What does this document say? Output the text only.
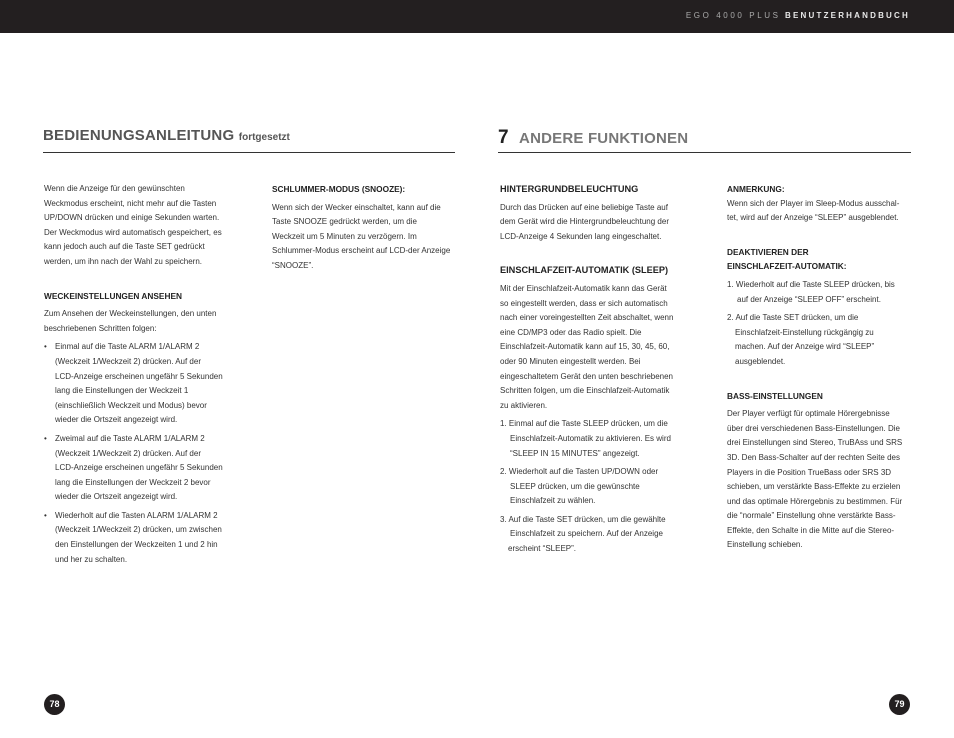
EGO 4000 PLUS BENUTZERHANDBUCH
BEDIENUNGSANLEITUNG fortgesetzt

Wenn die Anzeige für den gewünschten

Weckmodus erscheint, nicht mehr auf die Tasten

UP/DOWN drücken und einige Sekunden warten.

Der Weckmodus wird automatisch gespeichert, es

kann jedoch auch auf die Taste SET gedrückt

werden, um ihn nach der Wahl zu speichern.

WECKEINSTELLUNGEN ANSEHEN

Zum Ansehen der Weckeinstellungen, den unten

beschriebenen Schritten folgen:

• Einmal auf die Taste ALARM 1/ALARM 2

(Weckzeit 1/Weckzeit 2) drücken. Auf der

LCD-Anzeige erscheinen ungefähr 5 Sekunden

lang die Einstellungen der Weckzeit 1

(einschließlich Weckzeit und Modus) bevor

wieder die Ortszeit angezeigt wird.

• Zweimal auf die Taste ALARM 1/ALARM 2

(Weckzeit 1/Weckzeit 2) drücken. Auf der

LCD-Anzeige erscheinen ungefähr 5 Sekunden

lang die Einstellungen der Weckzeit 2 bevor

wieder die Ortszeit angezeigt wird.

• Wiederholt auf die Tasten ALARM 1/ALARM 2

(Weckzeit 1/Weckzeit 2) drücken, um zwischen

den Einstellungen der Weckzeiten 1 und 2 hin

und her zu schalten.

SCHLUMMER-MODUS (SNOOZE):

Wenn sich der Wecker einschaltet, kann auf die

Taste SNOOZE gedrückt werden, um die

Weckzeit um 5 Minuten zu verzögern. Im

Schlummer-Modus erscheint auf LCD-der Anzeige

“SNOOZE”.

78
7 ANDERE FUNKTIONEN

HINTERGRUNDBELEUCHTUNG

Durch das Drücken auf eine beliebige Taste auf

dem Gerät wird die Hintergrundbeleuchtung der

LCD-Anzeige 4 Sekunden lang eingeschaltet.

EINSCHLAFZEIT-AUTOMATIK (SLEEP)

Mit der Einschlafzeit-Automatik kann das Gerät

so eingestellt werden, dass er sich automatisch

nach einer voreingestellten Zeit abschaltet, wenn

eine CD/MP3 oder das Radio spielt. Die

Einschlafzeit-Automatik kann auf 15, 30, 45, 60,

oder 90 Minuten eingestellt werden. Bei

eingeschaltetem Gerät den unten beschriebenen

Schritten folgen, um die Einschlafzeit-Automatik

zu aktivieren.

1. Einmal auf die Taste SLEEP drücken, um die

Einschlafzeit-Automatik zu aktivieren. Es wird

“SLEEP IN 15 MINUTES” angezeigt.

2. Wiederholt auf die Tasten UP/DOWN oder

SLEEP drücken, um die gewünschte

Einschlafzeit zu wählen.

3. Auf die Taste SET drücken, um die gewählte

Einschlafzeit zu speichern. Auf der Anzeige

erscheint “SLEEP”.

ANMERKUNG:

Wenn sich der Player im Sleep-Modus ausschal-

tet, wird auf der Anzeige “SLEEP” ausgeblendet.

DEAKTIVIEREN DER

EINSCHLAFZEIT-AUTOMATIK:

1. Wiederholt auf die Taste SLEEP drücken, bis

auf der Anzeige “SLEEP OFF” erscheint.

2. Auf die Taste SET drücken, um die

Einschlafzeit-Einstellung rückgängig zu

machen. Auf der Anzeige wird “SLEEP”

ausgeblendet.

BASS-EINSTELLUNGEN

Der Player verfügt für optimale Hörergebnisse

über drei verschiedenen Bass-Einstellungen. Die

drei Einstellungen sind Stereo, TruBAss und SRS

3D. Den Bass-Schalter auf der rechten Seite des

Players in die Position TrueBass oder SRS 3D

schieben, um verstärkte Bass-Effekte zu erzielen

und das optimale Hörergebnis zu bestimmen. Für

die “normale” Einstellung ohne verstärkte Bass-

Effekte, den Schalte in die Mitte auf die Stereo-

Einstellung schieben.

79
